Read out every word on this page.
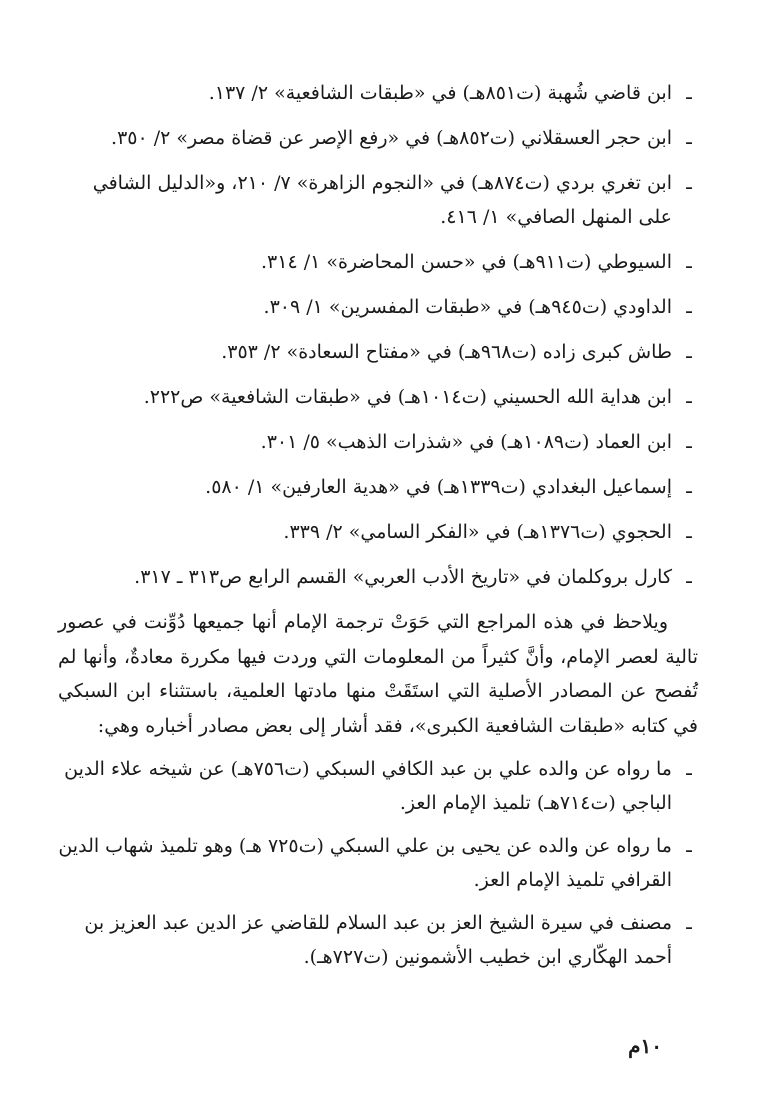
ـ
ابن قاضي شُهبة (ت٨٥١هـ) في «طبقات الشافعية» ٢/ ١٣٧.
ـ
ابن حجر العسقلاني (ت٨٥٢هـ) في «رفع الإصر عن قضاة مصر» ٢/ ٣٥٠.
ـ
ابن تغري بردي (ت٨٧٤هـ) في «النجوم الزاهرة» ٧/ ٢١٠، و«الدليل الشافي على المنهل الصافي» ١/ ٤١٦.
ـ
السيوطي (ت٩١١هـ) في «حسن المحاضرة» ١/ ٣١٤.
ـ
الداودي (ت٩٤٥هـ) في «طبقات المفسرين» ١/ ٣٠٩.
ـ
طاش كبرى زاده (ت٩٦٨هـ) في «مفتاح السعادة» ٢/ ٣٥٣.
ـ
ابن هداية الله الحسيني (ت١٠١٤هـ) في «طبقات الشافعية» ص٢٢٢.
ـ
ابن العماد (ت١٠٨٩هـ) في «شذرات الذهب» ٥/ ٣٠١.
ـ
إسماعيل البغدادي (ت١٣٣٩هـ) في «هدية العارفين» ١/ ٥٨٠.
ـ
الحجوي (ت١٣٧٦هـ) في «الفكر السامي» ٢/ ٣٣٩.
ـ
كارل بروكلمان في «تاريخ الأدب العربي» القسم الرابع ص٣١٣ ـ ٣١٧.

ويلاحظ في هذه المراجع التي حَوَتْ ترجمة الإمام أنها جميعها دُوِّنت في عصور تالية لعصر الإمام، وأنَّ كثيراً من المعلومات التي وردت فيها مكررة معادةٌ، وأنها لم تُفصح عن المصادر الأصلية التي استَقَتْ منها مادتها العلمية، باستثناء ابن السبكي في كتابه «طبقات الشافعية الكبرى»، فقد أشار إلى بعض مصادر أخباره وهي:

ـ
ما رواه عن والده علي بن عبد الكافي السبكي (ت٧٥٦هـ) عن شيخه علاء الدين الباجي (ت٧١٤هـ) تلميذ الإمام العز.
ـ
ما رواه عن والده عن يحيى بن علي السبكي (ت٧٢٥ هـ) وهو تلميذ شهاب الدين القرافي تلميذ الإمام العز.
ـ
مصنف في سيرة الشيخ العز بن عبد السلام للقاضي عز الدين عبد العزيز بن أحمد الهكّاري ابن خطيب الأشمونين (ت٧٢٧هـ).
١٠م
